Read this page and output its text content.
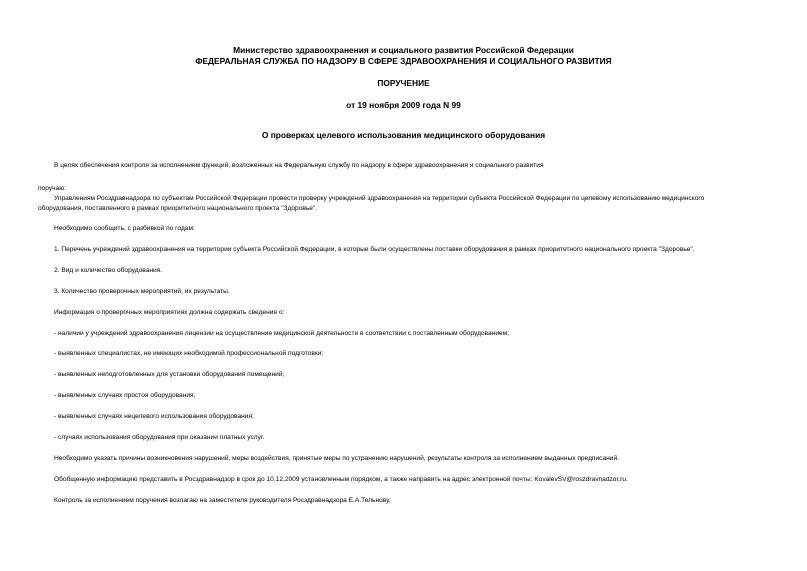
Министерство здравоохранения и социального развития Российской Федерации

ФЕДЕРАЛЬНАЯ СЛУЖБА ПО НАДЗОРУ В СФЕРЕ ЗДРАВООХРАНЕНИЯ И СОЦИАЛЬНОГО РАЗВИТИЯ

ПОРУЧЕНИЕ

от 19 ноября 2009 года N 99

О проверках целевого использования медицинского оборудования

В целях обеспечения контроля за исполнением функций, возложенных на Федеральную службу по надзору в сфере здравоохранения и социального развития

поручаю:

Управлениям Росздравнадзора по субъектам Российской Федерации провести проверку учреждений здравоохранения на территории субъекта Российской Федерации по целевому использованию медицинского

оборудования, поставленного в рамках приоритетного национального проекта "Здоровье".

Необходимо сообщить, с разбивкой по годам:

1. Перечень учреждений здравоохранения на территории субъекта Российской Федерации, в которые были осуществлены поставки оборудования в рамках приоритетного национального проекта "Здоровье".

2. Вид и количество оборудования.

3. Количество проверочных мероприятий, их результаты.

Информация о проверочных мероприятиях должна содержать сведения о:

- наличии у учреждений здравоохранения лицензии на осуществление медицинской деятельности в соответствии с поставленным оборудованием;

- выявленных специалистах, не имеющих необходимой профессиональной подготовки;

- выявленных неподготовленных для установки оборудования помещений;

- выявленных случаях простоя оборудования;

- выявленных случаях нецелевого использования оборудования;

- случаях использования оборудования при оказании платных услуг.

Необходимо указать причины возникновения нарушений, меры воздействия, принятые меры по устранению нарушений, результаты контроля за исполнением выданных предписаний.

Обобщенную информацию представить в Росздравнадзор в срок до 10.12.2009 установленным порядком, а также направить на адрес электронной почты: KovalevSV@roszdravnadzor.ru.

Контроль за исполнением поручения возлагаю на заместителя руководителя Росздравнадзора Е.А.Тельнову.
